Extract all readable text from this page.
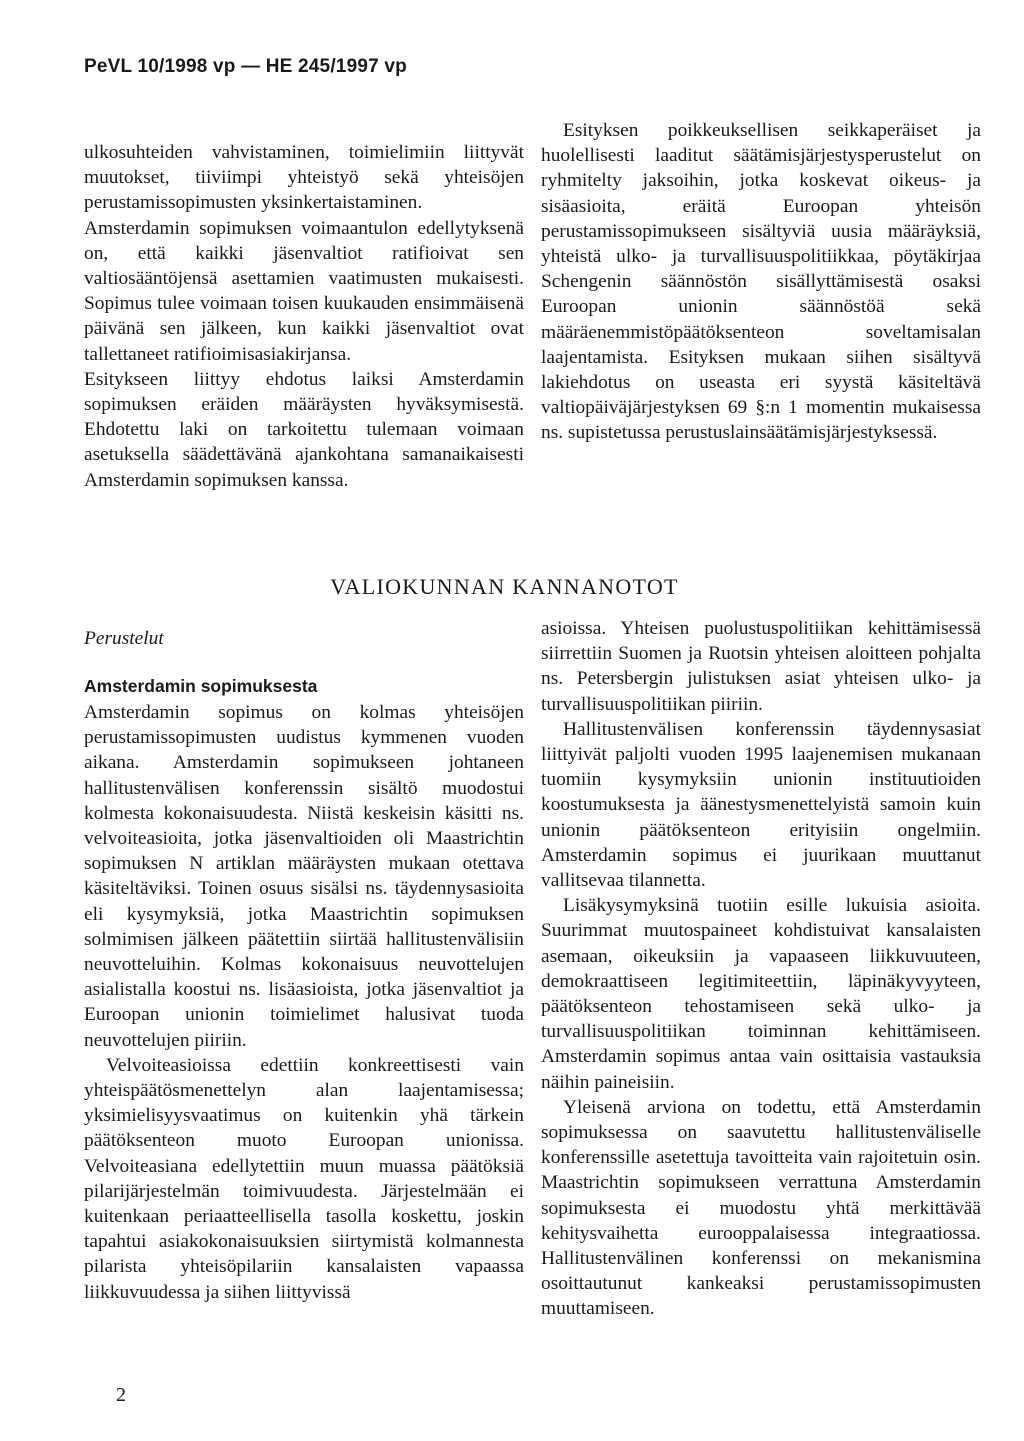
PeVL 10/1998 vp — HE 245/1997 vp

ulkosuhteiden vahvistaminen, toimielimiin liittyvät muutokset, tiiviimpi yhteistyö sekä yhteisöjen perustamissopimusten yksinkertaistaminen.

Amsterdamin sopimuksen voimaantulon edellytyksenä on, että kaikki jäsenvaltiot ratifioivat sen valtiosääntöjensä asettamien vaatimusten mukaisesti. Sopimus tulee voimaan toisen kuukauden ensimmäisenä päivänä sen jälkeen, kun kaikki jäsenvaltiot ovat tallettaneet ratifioimisasiakirjansa.

Esitykseen liittyy ehdotus laiksi Amsterdamin sopimuksen eräiden määräysten hyväksymisestä. Ehdotettu laki on tarkoitettu tulemaan voimaan asetuksella säädettävänä ajankohtana samanaikaisesti Amsterdamin sopimuksen kanssa.

Esityksen poikkeuksellisen seikkaperäiset ja huolellisesti laaditut säätämisjärjestysperustelut on ryhmitelty jaksoihin, jotka koskevat oikeus- ja sisäasioita, eräitä Euroopan yhteisön perustamissopimukseen sisältyviä uusia määräyksiä, yhteistä ulko- ja turvallisuuspolitiikkaa, pöytäkirjaa Schengenin säännöstön sisällyttämisestä osaksi Euroopan unionin säännöstöä sekä määräenemmistöpäätöksenteon soveltamisalan laajentamista. Esityksen mukaan siihen sisältyvä lakiehdotus on useasta eri syystä käsiteltävä valtiopäiväjärjestyksen 69 §:n 1 momentin mukaisessa ns. supistetussa perustuslainsäätämisjärjestyksessä.

VALIOKUNNAN KANNANOTOT
Perustelut
Amsterdamin sopimuksesta

Amsterdamin sopimus on kolmas yhteisöjen perustamissopimusten uudistus kymmenen vuoden aikana. Amsterdamin sopimukseen johtaneen hallitustenvälisen konferenssin sisältö muodostui kolmesta kokonaisuudesta. Niistä keskeisin käsitti ns. velvoiteasioita, jotka jäsenvaltioiden oli Maastrichtin sopimuksen N artiklan määräysten mukaan otettava käsiteltäviksi. Toinen osuus sisälsi ns. täydennysasioita eli kysymyksiä, jotka Maastrichtin sopimuksen solmimisen jälkeen päätettiin siirtää hallitustenvälisiin neuvotteluihin. Kolmas kokonaisuus neuvottelujen asialistalla koostui ns. lisäasioista, jotka jäsenvaltiot ja Euroopan unionin toimielimet halusivat tuoda neuvottelujen piiriin.

Velvoiteasioissa edettiin konkreettisesti vain yhteispäätösmenettelyn alan laajentamisessa; yksimielisyysvaatimus on kuitenkin yhä tärkein päätöksenteon muoto Euroopan unionissa. Velvoiteasiana edellytettiin muun muassa päätöksiä pilarijärjestelmän toimivuudesta. Järjestelmään ei kuitenkaan periaatteellisella tasolla koskettu, joskin tapahtui asiakokonaisuuksien siirtymistä kolmannesta pilarista yhteisöpilariin kansalaisten vapaassa liikkuvuudessa ja siihen liittyvissä

asioissa. Yhteisen puolustuspolitiikan kehittämisessä siirrettiin Suomen ja Ruotsin yhteisen aloitteen pohjalta ns. Petersbergin julistuksen asiat yhteisen ulko- ja turvallisuuspolitiikan piiriin.

Hallitustenvälisen konferenssin täydennysasiat liittyivät paljolti vuoden 1995 laajenemisen mukanaan tuomiin kysymyksiin unionin instituutioiden koostumuksesta ja äänestysmenettelyistä samoin kuin unionin päätöksenteon erityisiin ongelmiin. Amsterdamin sopimus ei juurikaan muuttanut vallitsevaa tilannetta.

Lisäkysymyksinä tuotiin esille lukuisia asioita. Suurimmat muutospaineet kohdistuivat kansalaisten asemaan, oikeuksiin ja vapaaseen liikkuvuuteen, demokraattiseen legitimiteettiin, läpinäkyvyyteen, päätöksenteon tehostamiseen sekä ulko- ja turvallisuuspolitiikan toiminnan kehittämiseen. Amsterdamin sopimus antaa vain osittaisia vastauksia näihin paineisiin.

Yleisenä arviona on todettu, että Amsterdamin sopimuksessa on saavutettu hallitustenväliselle konferenssille asetettuja tavoitteita vain rajoitetuin osin. Maastrichtin sopimukseen verrattuna Amsterdamin sopimuksesta ei muodostu yhtä merkittävää kehitysvaihetta eurooppalaisessa integraatiossa. Hallitustenvälinen konferenssi on mekanismina osoittautunut kankeaksi perustamissopimusten muuttamiseen.

2
